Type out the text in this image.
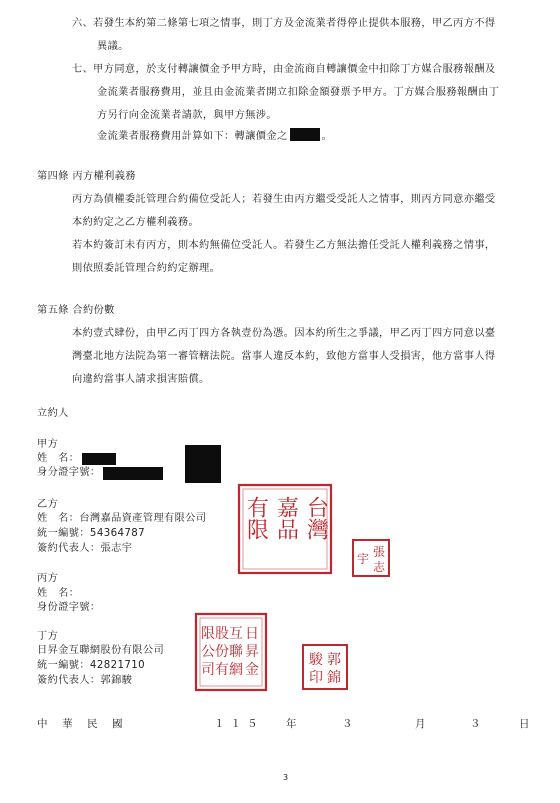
六、若發生本約第二條第七項之情事，則丁方及金流業者得停止提供本服務，甲乙丙方不得
異議。
七、甲方同意，於支付轉讓價金予甲方時，由金流商自轉讓價金中扣除丁方媒合服務報酬及
金流業者服務費用，並且由金流業者開立扣除金額發票予甲方。丁方媒合服務報酬由丁
方另行向金流業者請款，與甲方無涉。
金流業者服務費用計算如下：轉讓價金之	。
第四條 丙方權利義務
丙方為債權委託管理合約備位受託人；若發生由丙方繼受受託人之情事，則丙方同意亦繼受
本約約定之乙方權利義務。
若本約簽訂未有丙方，則本約無備位受託人。若發生乙方無法擔任受託人權利義務之情事，
則依照委託管理合約約定辦理。
第五條 合約份數
本約壹式肆份，由甲乙丙丁四方各執壹份為憑。因本約所生之爭議，甲乙丙丁四方同意以臺
灣臺北地方法院為第一審管轄法院。當事人違反本約，致他方當事人受損害，他方當事人得
向違約當事人請求損害賠償。
立約人
甲方
姓　名：
身分證字號：
乙方
姓　名：台灣嘉品資產管理有限公司
統一編號：54364787
簽約代表人：張志宇
台灣
嘉品
有限
張
志
宇
丙方
姓　名：
身份證字號：
丁方
日昇金互聯網股份有限公司
統一編號：42821710
簽約代表人：郭錦駿
日
昇
金
互
聯
網
股
份
有
限
公
司
郭
錦
駿
印
中 華 民 國	１１５ 年	３	月	３	日
3
